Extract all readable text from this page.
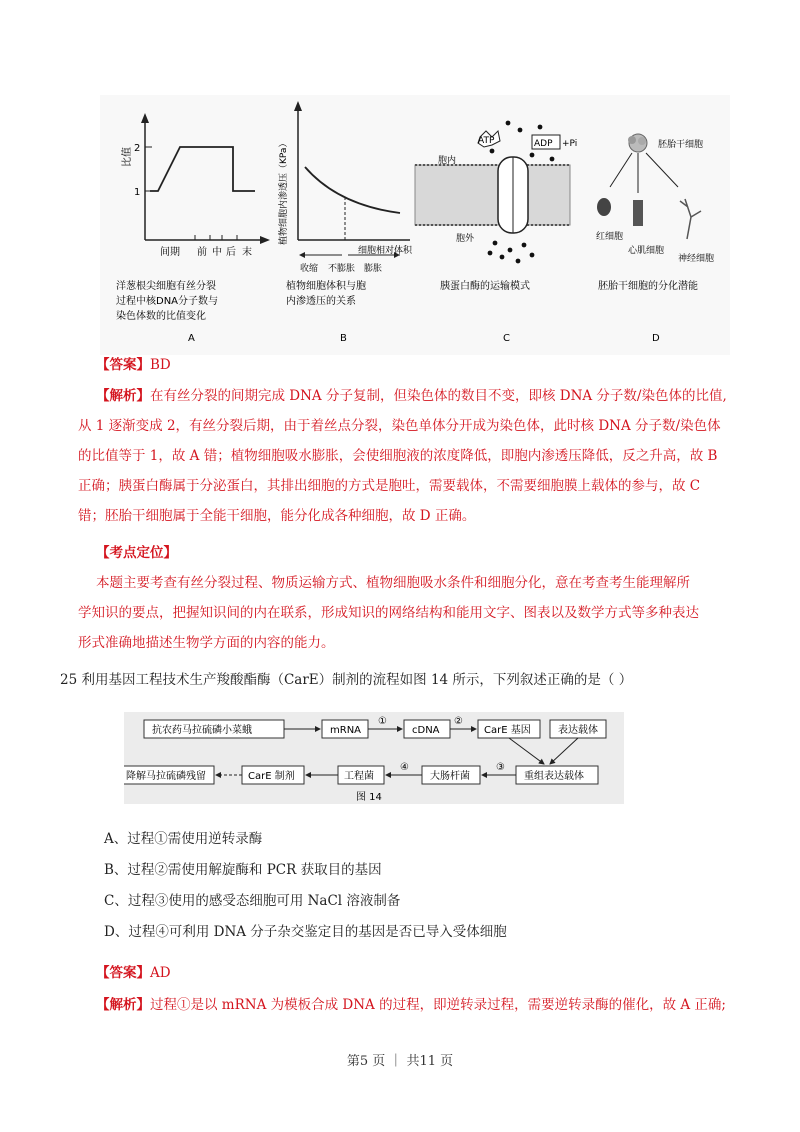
比值 2
1
间期 前 中 后 末
洋葱根尖细胞有丝分裂
过程中核DNA分子数与
染色体数的比值变化
A
植物细胞内渗透压（KPa）
细胞相对体积
收缩 不膨胀 膨胀
植物细胞体积与胞
内渗透压的关系
B
ATP	ADP +Pi
胞内
胞外
胰蛋白酶的运输模式
C
胚胎干细胞
红细胞
心肌细胞
神经细胞
胚胎干细胞的分化潜能
D
【答案】BD
【解析】在有丝分裂的间期完成 DNA 分子复制，但染色体的数目不变，即核 DNA 分子数/染色体的比值,
从 1 逐渐变成 2，有丝分裂后期，由于着丝点分裂，染色单体分开成为染色体，此时核 DNA 分子数/染色体
的比值等于 1，故 A 错；植物细胞吸水膨胀，会使细胞液的浓度降低，即胞内渗透压降低，反之升高，故 B
正确；胰蛋白酶属于分泌蛋白，其排出细胞的方式是胞吐，需要载体，不需要细胞膜上载体的参与，故 C
错；胚胎干细胞属于全能干细胞，能分化成各种细胞，故 D 正确。
【考点定位】
本题主要考查有丝分裂过程、物质运输方式、植物细胞吸水条件和细胞分化，意在考查考生能理解所
学知识的要点，把握知识间的内在联系，形成知识的网络结构和能用文字、图表以及数学方式等多种表达
形式准确地描述生物学方面的内容的能力。
25 利用基因工程技术生产羧酸酯酶（CarE）制剂的流程如图 14 所示，下列叙述正确的是（ ）
抗农药马拉硫磷小菜蛾	mRNA
①
cDNA
②
CarE 基因	表达载体
重组表达载体
③
大肠杆菌
④
工程菌
CarE 制剂
降解马拉硫磷残留
图 14
A、过程①需使用逆转录酶
B、过程②需使用解旋酶和 PCR 获取目的基因
C、过程③使用的感受态细胞可用 NaCl 溶液制备
D、过程④可利用 DNA 分子杂交鉴定目的基因是否已导入受体细胞
【答案】AD
【解析】过程①是以 mRNA 为模板合成 DNA 的过程，即逆转录过程，需要逆转录酶的催化，故 A 正确;
第5 页 ｜ 共11 页
